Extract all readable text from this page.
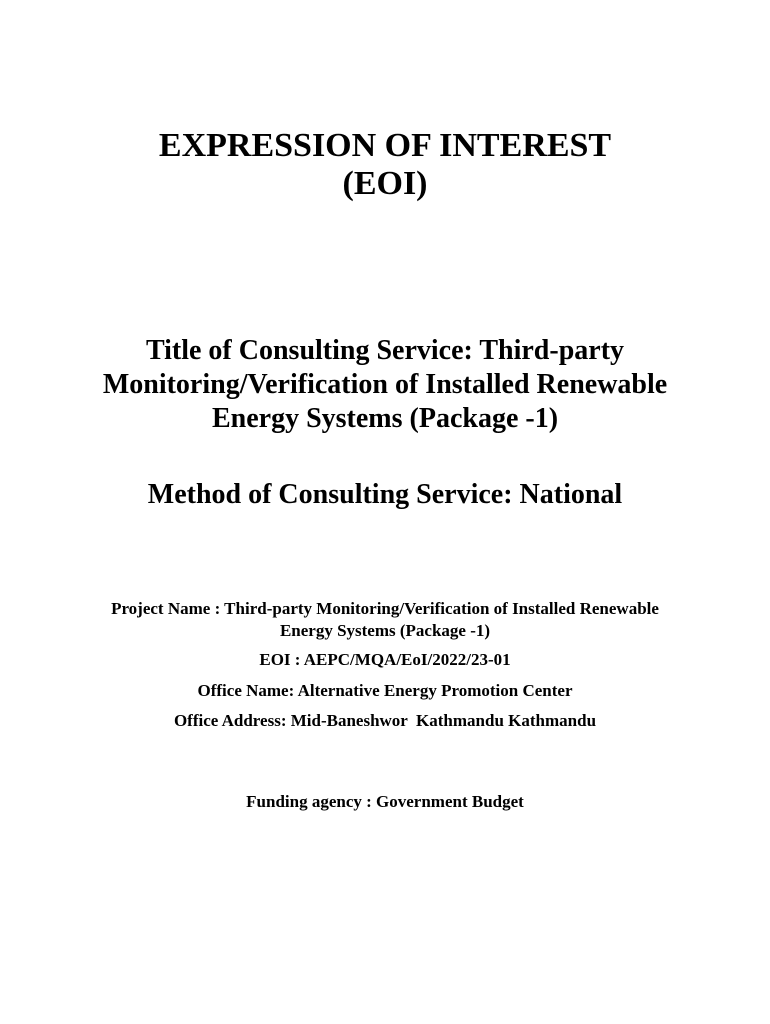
EXPRESSION OF INTEREST
(EOI)
Title of Consulting Service: Third-party
Monitoring/Verification of Installed Renewable
Energy Systems (Package -1)
Method of Consulting Service: National
Project Name : Third-party Monitoring/Verification of Installed Renewable
Energy Systems (Package -1)
EOI : AEPC/MQA/EoI/2022/23-01
Office Name: Alternative Energy Promotion Center
Office Address: Mid-Baneshwor  Kathmandu Kathmandu
Funding agency : Government Budget
